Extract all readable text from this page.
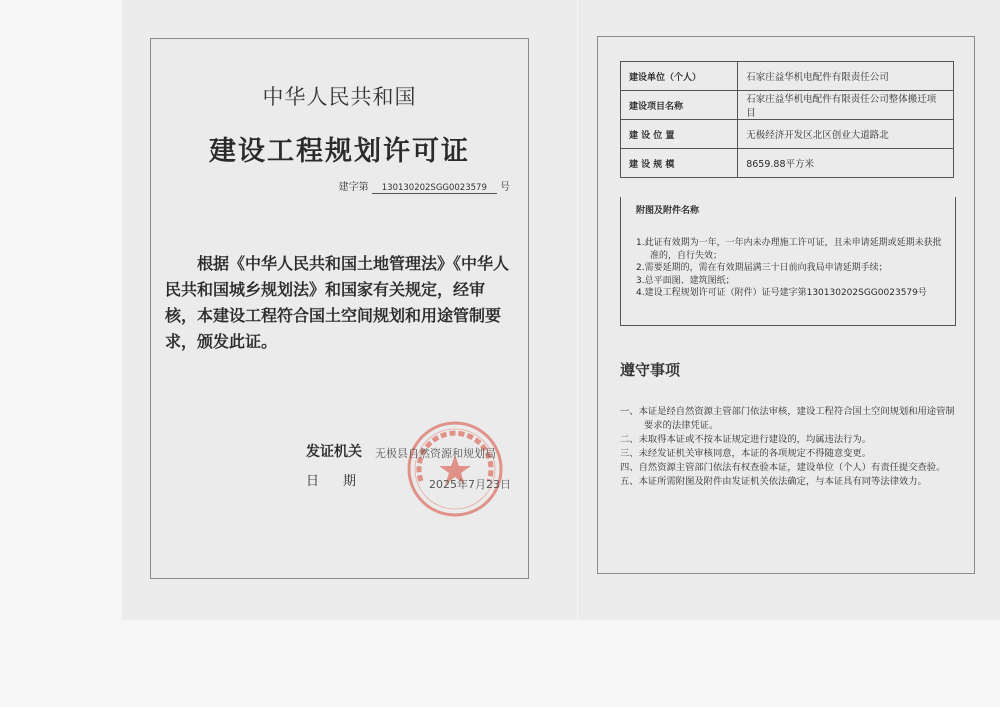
中华人民共和国
建设工程规划许可证
建字第 130130202SGG0023579 号
根据《中华人民共和国土地管理法》《中华人民共和国城乡规划法》和国家有关规定，经审核，本建设工程符合国土空间规划和用途管制要求，颁发此证。
发证机关 无极县自然资源和规划局
日期	2025年7月23日
建设单位（个人）	石家庄益华机电配件有限责任公司
建设项目名称	石家庄益华机电配件有限责任公司整体搬迁项目
建 设 位 置	无极经济开发区北区创业大道路北
建 设 规 模	8659.88平方米
附图及附件名称
1.此证有效期为一年，一年内未办理施工许可证，且未申请延期或延期未获批准的，自行失效；
2.需要延期的，需在有效期届满三十日前向我局申请延期手续；
3.总平面图、建筑图纸；
4.建设工程规划许可证（附件）证号建字第130130202SGG0023579号
遵守事项
一、本证是经自然资源主管部门依法审核，建设工程符合国土空间规划和用途管制要求的法律凭证。
二、未取得本证或不按本证规定进行建设的，均属违法行为。
三、未经发证机关审核同意，本证的各项规定不得随意变更。
四、自然资源主管部门依法有权查验本证，建设单位（个人）有责任提交查验。
五、本证所需附图及附件由发证机关依法确定，与本证具有同等法律效力。
